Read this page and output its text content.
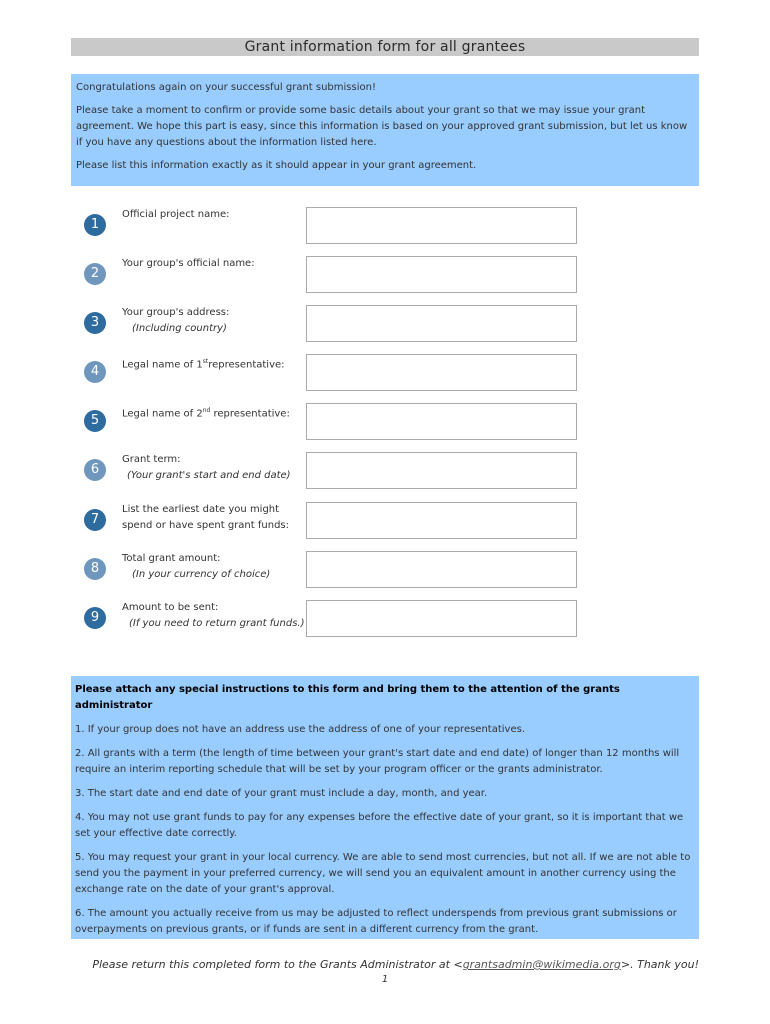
Grant information form for all grantees

Congratulations again on your successful grant submission!

Please take a moment to confirm or provide some basic details about your grant so that we may issue your grant agreement. We hope this part is easy, since this information is based on your approved grant submission, but let us know if you have any questions about the information listed here.

Please list this information exactly as it should appear in your grant agreement.

1
Official project name:
2
Your group's official name:
3
Your group's address:
(Including country)
4	Legal name of 1strepresentative:
5	Legal name of 2nd representative:
6
Grant term:
(Your grant's start and end date)
7
List the earliest date you might spend or have spent grant funds:
8
Total grant amount:
(In your currency of choice)
9
Amount to be sent:
(If you need to return grant funds.)

Please attach any special instructions to this form and bring them to the attention of the grants administrator

1. If your group does not have an address use the address of one of your representatives.

2. All grants with a term (the length of time between your grant's start date and end date) of longer than 12 months will require an interim reporting schedule that will be set by your program officer or the grants administrator.

3. The start date and end date of your grant must include a day, month, and year.

4. You may not use grant funds to pay for any expenses before the effective date of your grant, so it is important that we set your effective date correctly.

5. You may request your grant in your local currency. We are able to send most currencies, but not all. If we are not able to send you the payment in your preferred currency, we will send you an equivalent amount in another currency using the exchange rate on the date of your grant's approval.

6. The amount you actually receive from us may be adjusted to reflect underspends from previous grant submissions or overpayments on previous grants, or if funds are sent in a different currency from the grant.

Please return this completed form to the Grants Administrator at <grantsadmin@wikimedia.org>. Thank you!
1
